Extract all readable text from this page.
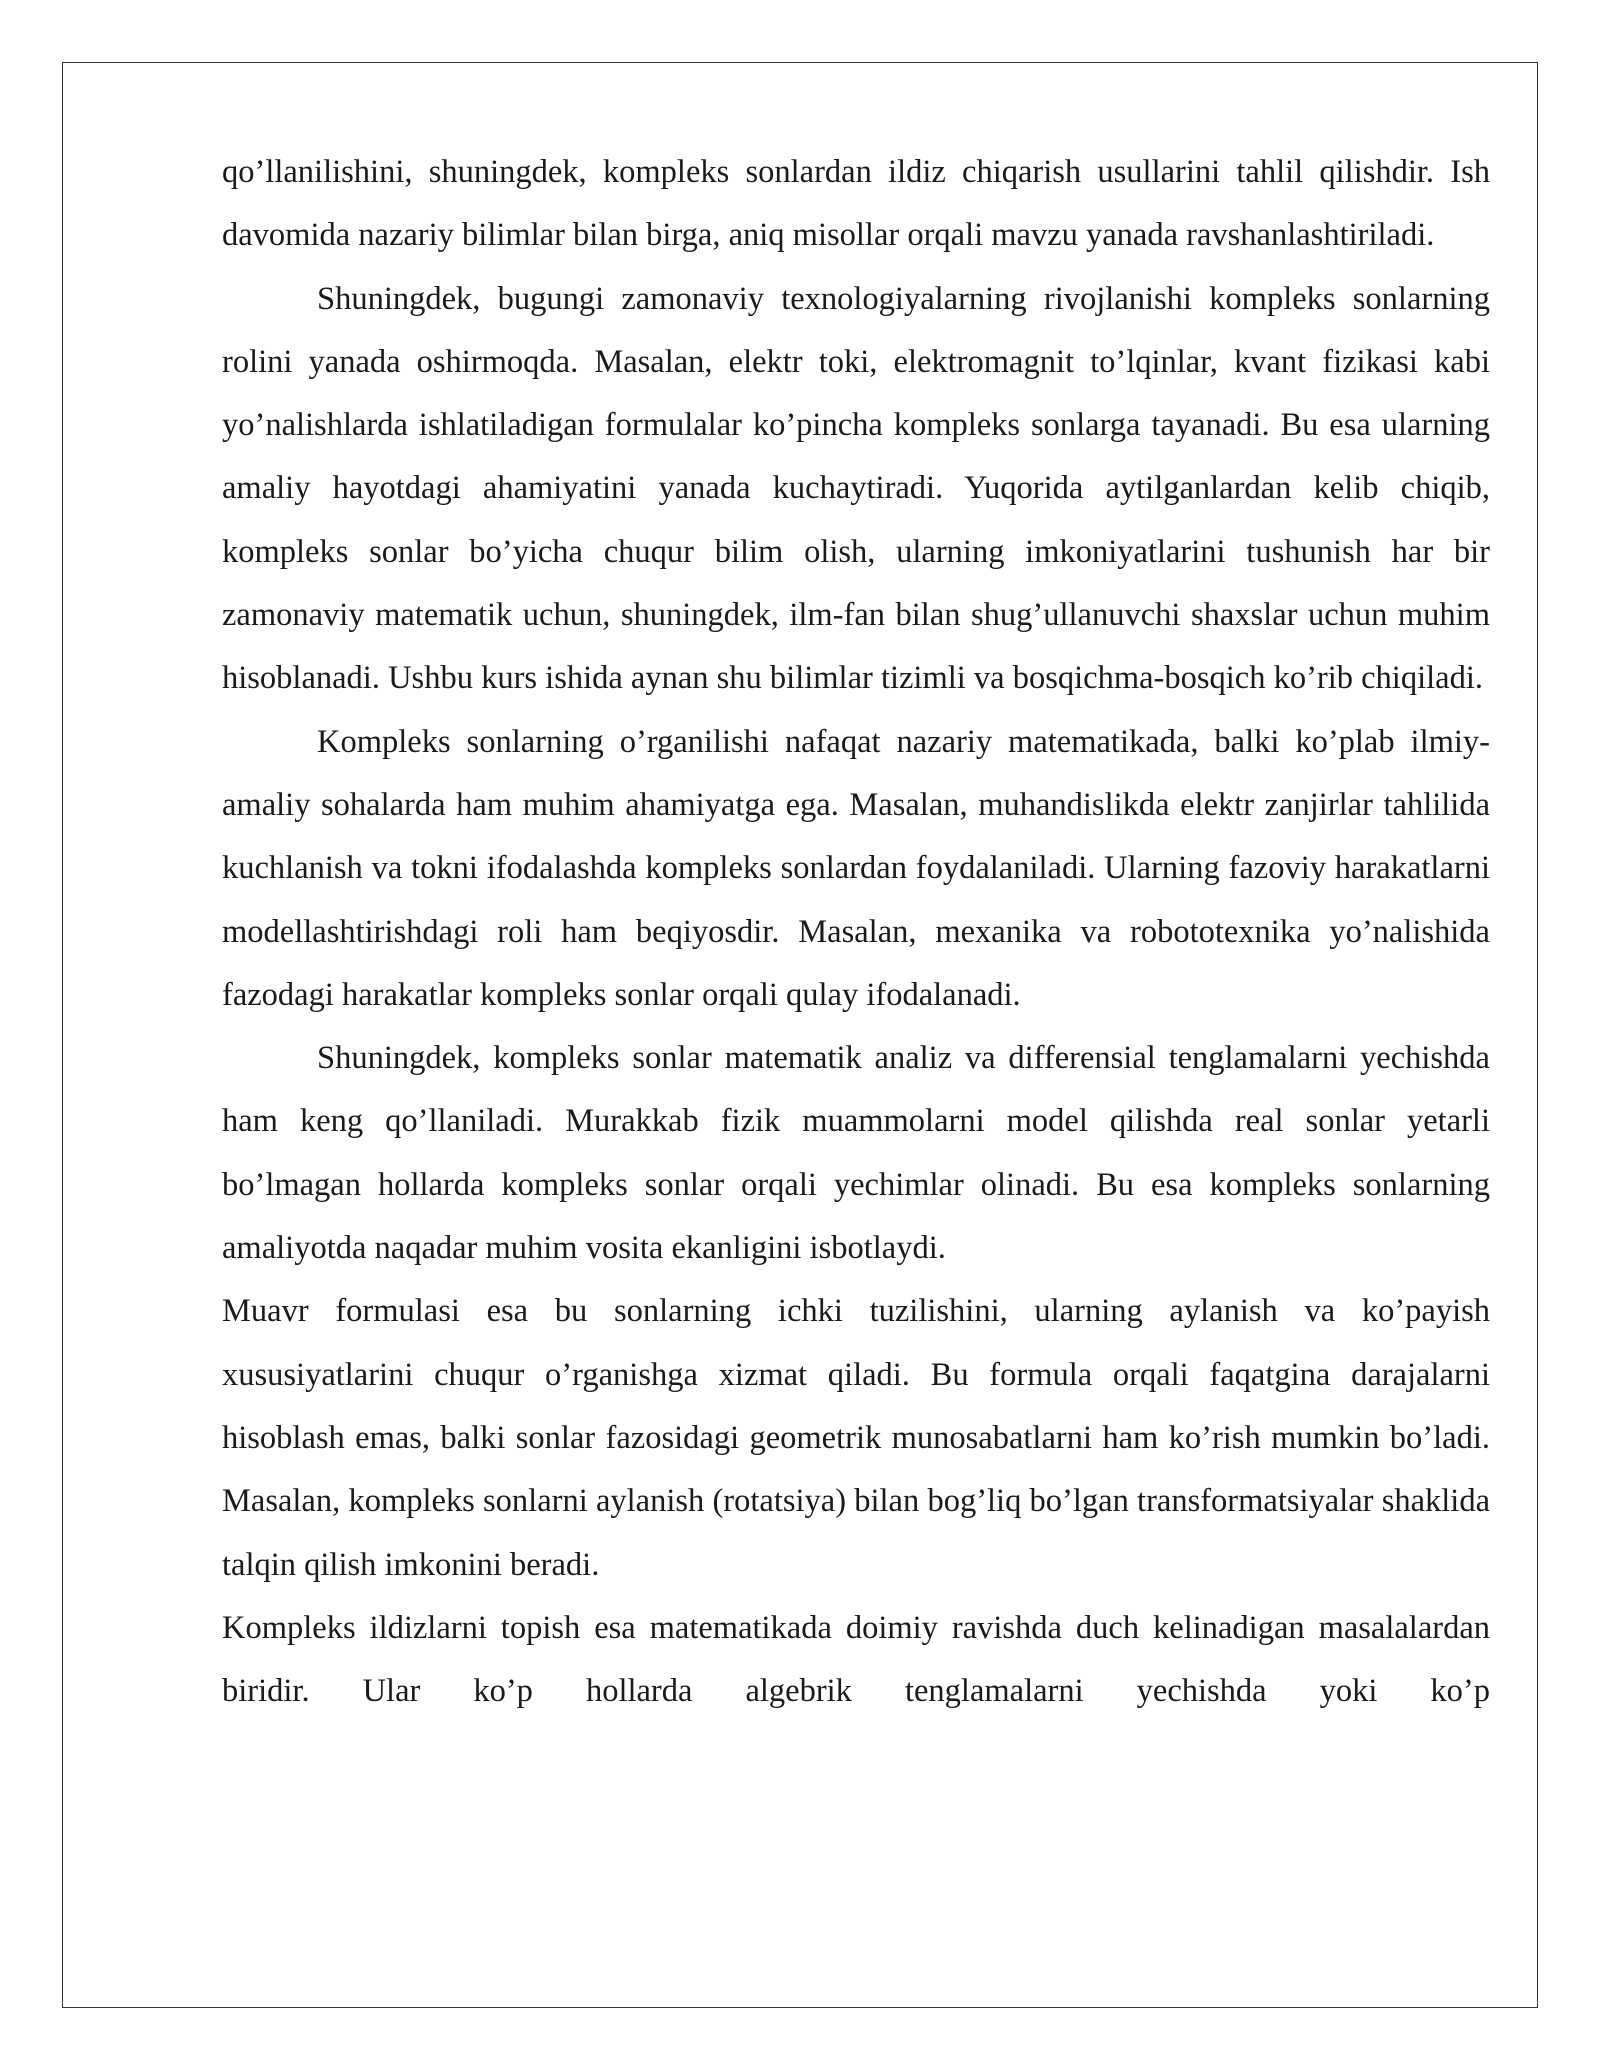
qo’llanilishini, shuningdek, kompleks sonlardan ildiz chiqarish usullarini tahlil qilishdir. Ish davomida nazariy bilimlar bilan birga, aniq misollar orqali mavzu yanada ravshanlashtiriladi.

Shuningdek, bugungi zamonaviy texnologiyalarning rivojlanishi kompleks sonlarning rolini yanada oshirmoqda. Masalan, elektr toki, elektromagnit to’lqinlar, kvant fizikasi kabi yo’nalishlarda ishlatiladigan formulalar ko’pincha kompleks sonlarga tayanadi. Bu esa ularning amaliy hayotdagi ahamiyatini yanada kuchaytiradi. Yuqorida aytilganlardan kelib chiqib, kompleks sonlar bo’yicha chuqur bilim olish, ularning imkoniyatlarini tushunish har bir zamonaviy matematik uchun, shuningdek, ilm-fan bilan shug’ullanuvchi shaxslar uchun muhim hisoblanadi. Ushbu kurs ishida aynan shu bilimlar tizimli va bosqichma-bosqich ko’rib chiqiladi.

Kompleks sonlarning o’rganilishi nafaqat nazariy matematikada, balki ko’plab ilmiy-amaliy sohalarda ham muhim ahamiyatga ega. Masalan, muhandislikda elektr zanjirlar tahlilida kuchlanish va tokni ifodalashda kompleks sonlardan foydalaniladi. Ularning fazoviy harakatlarni modellashtirishdagi roli ham beqiyosdir. Masalan, mexanika va robototexnika yo’nalishida fazodagi harakatlar kompleks sonlar orqali qulay ifodalanadi.

Shuningdek, kompleks sonlar matematik analiz va differensial tenglamalarni yechishda ham keng qo’llaniladi. Murakkab fizik muammolarni model qilishda real sonlar yetarli bo’lmagan hollarda kompleks sonlar orqali yechimlar olinadi. Bu esa kompleks sonlarning amaliyotda naqadar muhim vosita ekanligini isbotlaydi.

Muavr formulasi esa bu sonlarning ichki tuzilishini, ularning aylanish va ko’payish xususiyatlarini chuqur o’rganishga xizmat qiladi. Bu formula orqali faqatgina darajalarni hisoblash emas, balki sonlar fazosidagi geometrik munosabatlarni ham ko’rish mumkin bo’ladi. Masalan, kompleks sonlarni aylanish (rotatsiya) bilan bog’liq bo’lgan transformatsiyalar shaklida talqin qilish imkonini beradi.

Kompleks ildizlarni topish esa matematikada doimiy ravishda duch kelinadigan masalalardan biridir. Ular ko’p hollarda algebrik tenglamalarni yechishda yoki ko’p
